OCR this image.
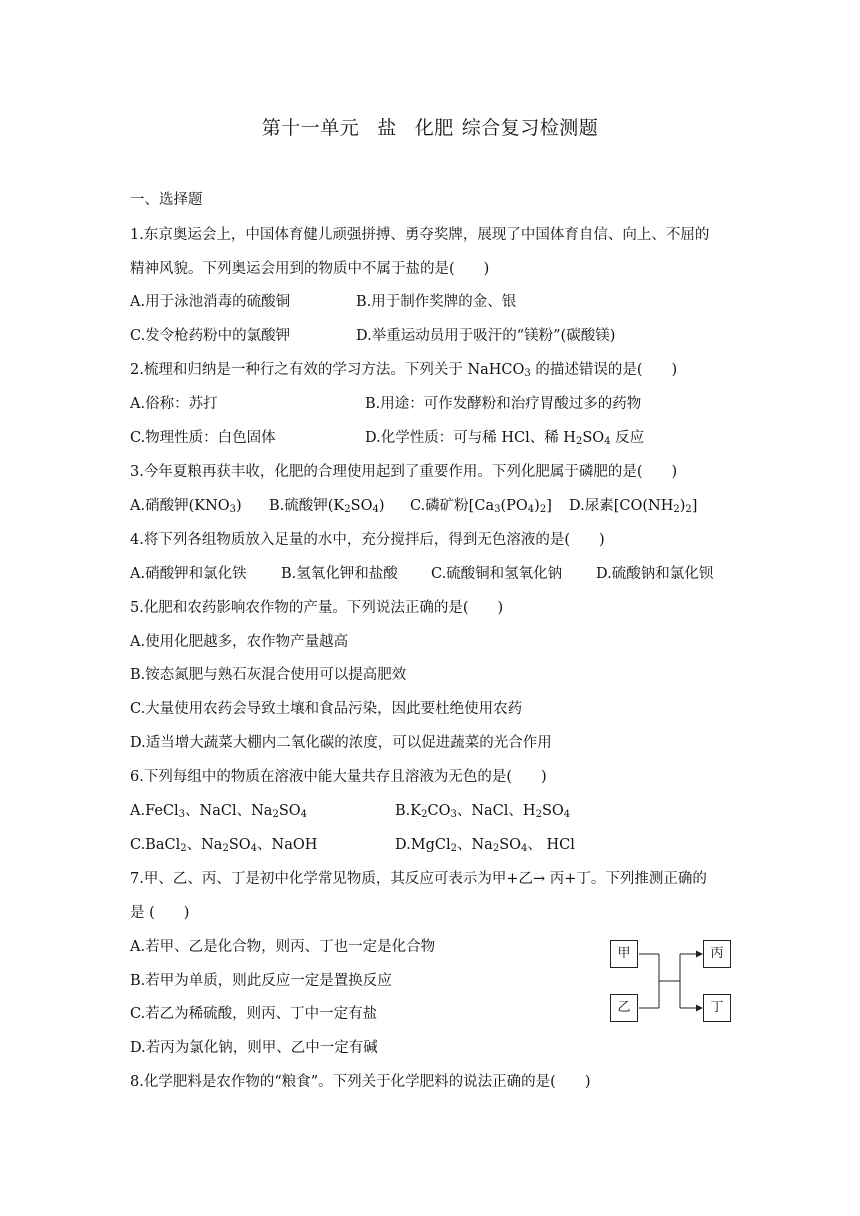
第十一单元 盐 化肥 综合复习检测题
一、选择题
1.东京奥运会上，中国体育健儿顽强拼搏、勇夺奖牌，展现了中国体育自信、向上、不屈的
精神风貌。下列奥运会用到的物质中不属于盐的是(　　)
A.用于泳池消毒的硫酸铜	B.用于制作奖牌的金、银
C.发令枪药粉中的氯酸钾	D.举重运动员用于吸汗的“镁粉”(碳酸镁)
2.梳理和归纳是一种行之有效的学习方法。下列关于 NaHCO$_3$ 的描述错误的是(　　)
A.俗称：苏打	B.用途：可作发酵粉和治疗胃酸过多的药物
C.物理性质：白色固体	D.化学性质：可与稀 HCl、稀 $H_2SO_4$ 反应
3.今年夏粮再获丰收，化肥的合理使用起到了重要作用。下列化肥属于磷肥的是(　　)
A.硝酸钾$(KNO_3)$ B.硫酸钾$(K_2SO_4)$ C.磷矿粉$[Ca_3(PO_4)_2]$ D.尿素$[CO(NH_2)_2]$
4.将下列各组物质放入足量的水中，充分搅拌后，得到无色溶液的是(　　)
A.硝酸钾和氯化铁 B.氢氧化钾和盐酸 C.硫酸铜和氢氧化钠 D.硫酸钠和氯化钡
5.化肥和农药影响农作物的产量。下列说法正确的是(　　)
A.使用化肥越多，农作物产量越高
B.铵态氮肥与熟石灰混合使用可以提高肥效
C.大量使用农药会导致土壤和食品污染，因此要杜绝使用农药
D.适当增大蔬菜大棚内二氧化碳的浓度，可以促进蔬菜的光合作用
6.下列每组中的物质在溶液中能大量共存且溶液为无色的是(　　)
A.FeCl$_3$、NaCl、$Na_2SO_4$	$B.K_2CO_3$、NaCl、$H_2SO_4$
C.BaCl$_2$、$Na_2SO_4$、NaOH	D.MgCl$_2$、$Na_2SO_4$、 HCl
7.甲、乙、丙、丁是初中化学常见物质，其反应可表示为甲+乙→ 丙+丁。下列推测正确的
是 (　　)
A.若甲、乙是化合物，则丙、丁也一定是化合物
B.若甲为单质，则此反应一定是置换反应
C.若乙为稀硫酸，则丙、丁中一定有盐
D.若丙为氯化钠，则甲、乙中一定有碱
甲
乙
丙
丁
8.化学肥料是农作物的“粮食”。下列关于化学肥料的说法正确的是(　　)
